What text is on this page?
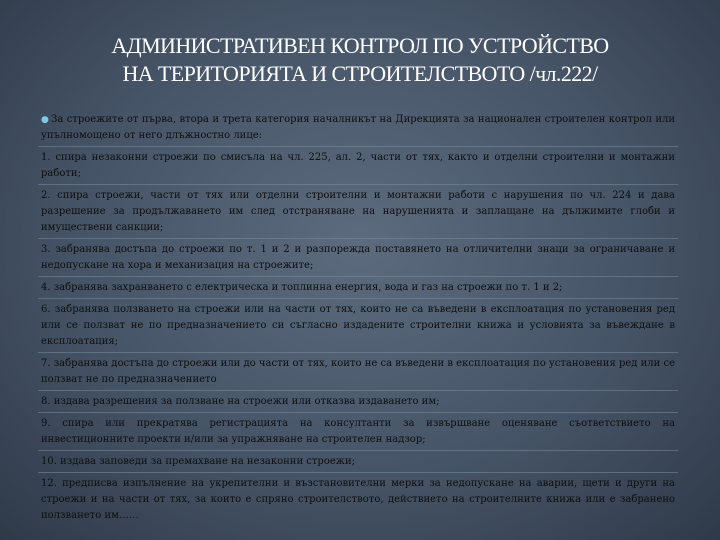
АДМИНИСТРАТИВЕН КОНТРОЛ ПО УСТРОЙСТВО
НА ТЕРИТОРИЯТА И СТРОИТЕЛСТВОТО /чл.222/
● За строежите от първа, втора и трета категория началникът на Дирекцията за национален строителен контрол или упълномощено от него длъжностно лице:
1. спира незаконни строежи по смисъла на чл. 225, ал. 2, части от тях, както и отделни строителни и монтажни работи;
2. спира строежи, части от тях или отделни строителни и монтажни работи с нарушения по чл. 224 и дава разрешение за продължаването им след отстраняване на нарушенията и заплащане на дължимите глоби и имуществени санкции;
3. забранява достъпа до строежи по т. 1 и 2 и разпорежда поставянето на отличителни знаци за ограничаване и недопускане на хора и механизация на строежите;
4. забранява захранването с електрическа и топлинна енергия, вода и газ на строежи по т. 1 и 2;
6. забранява ползването на строежи или на части от тях, които не са въведени в експлоатация по установения ред или се ползват не по предназначението си съгласно издадените строителни книжа и условията за въвеждане в експлоатация;
7. забранява достъпа до строежи или до части от тях, които не са въведени в експлоатация по установения ред или се ползват не по предназначението
8. издава разрешения за ползване на строежи или отказва издаването им;
9. спира или прекратява регистрацията на консултанти за извършване оценяване съответствието на инвестиционните проекти и/или за упражняване на строителен надзор;
10. издава заповеди за премахване на незаконни строежи;
12. предписва изпълнение на укрепителни и възстановителни мерки за недопускане на аварии, щети и други на строежи и на части от тях, за които е спряно строителството, действието на строителните книжа или е забранено ползването им……
